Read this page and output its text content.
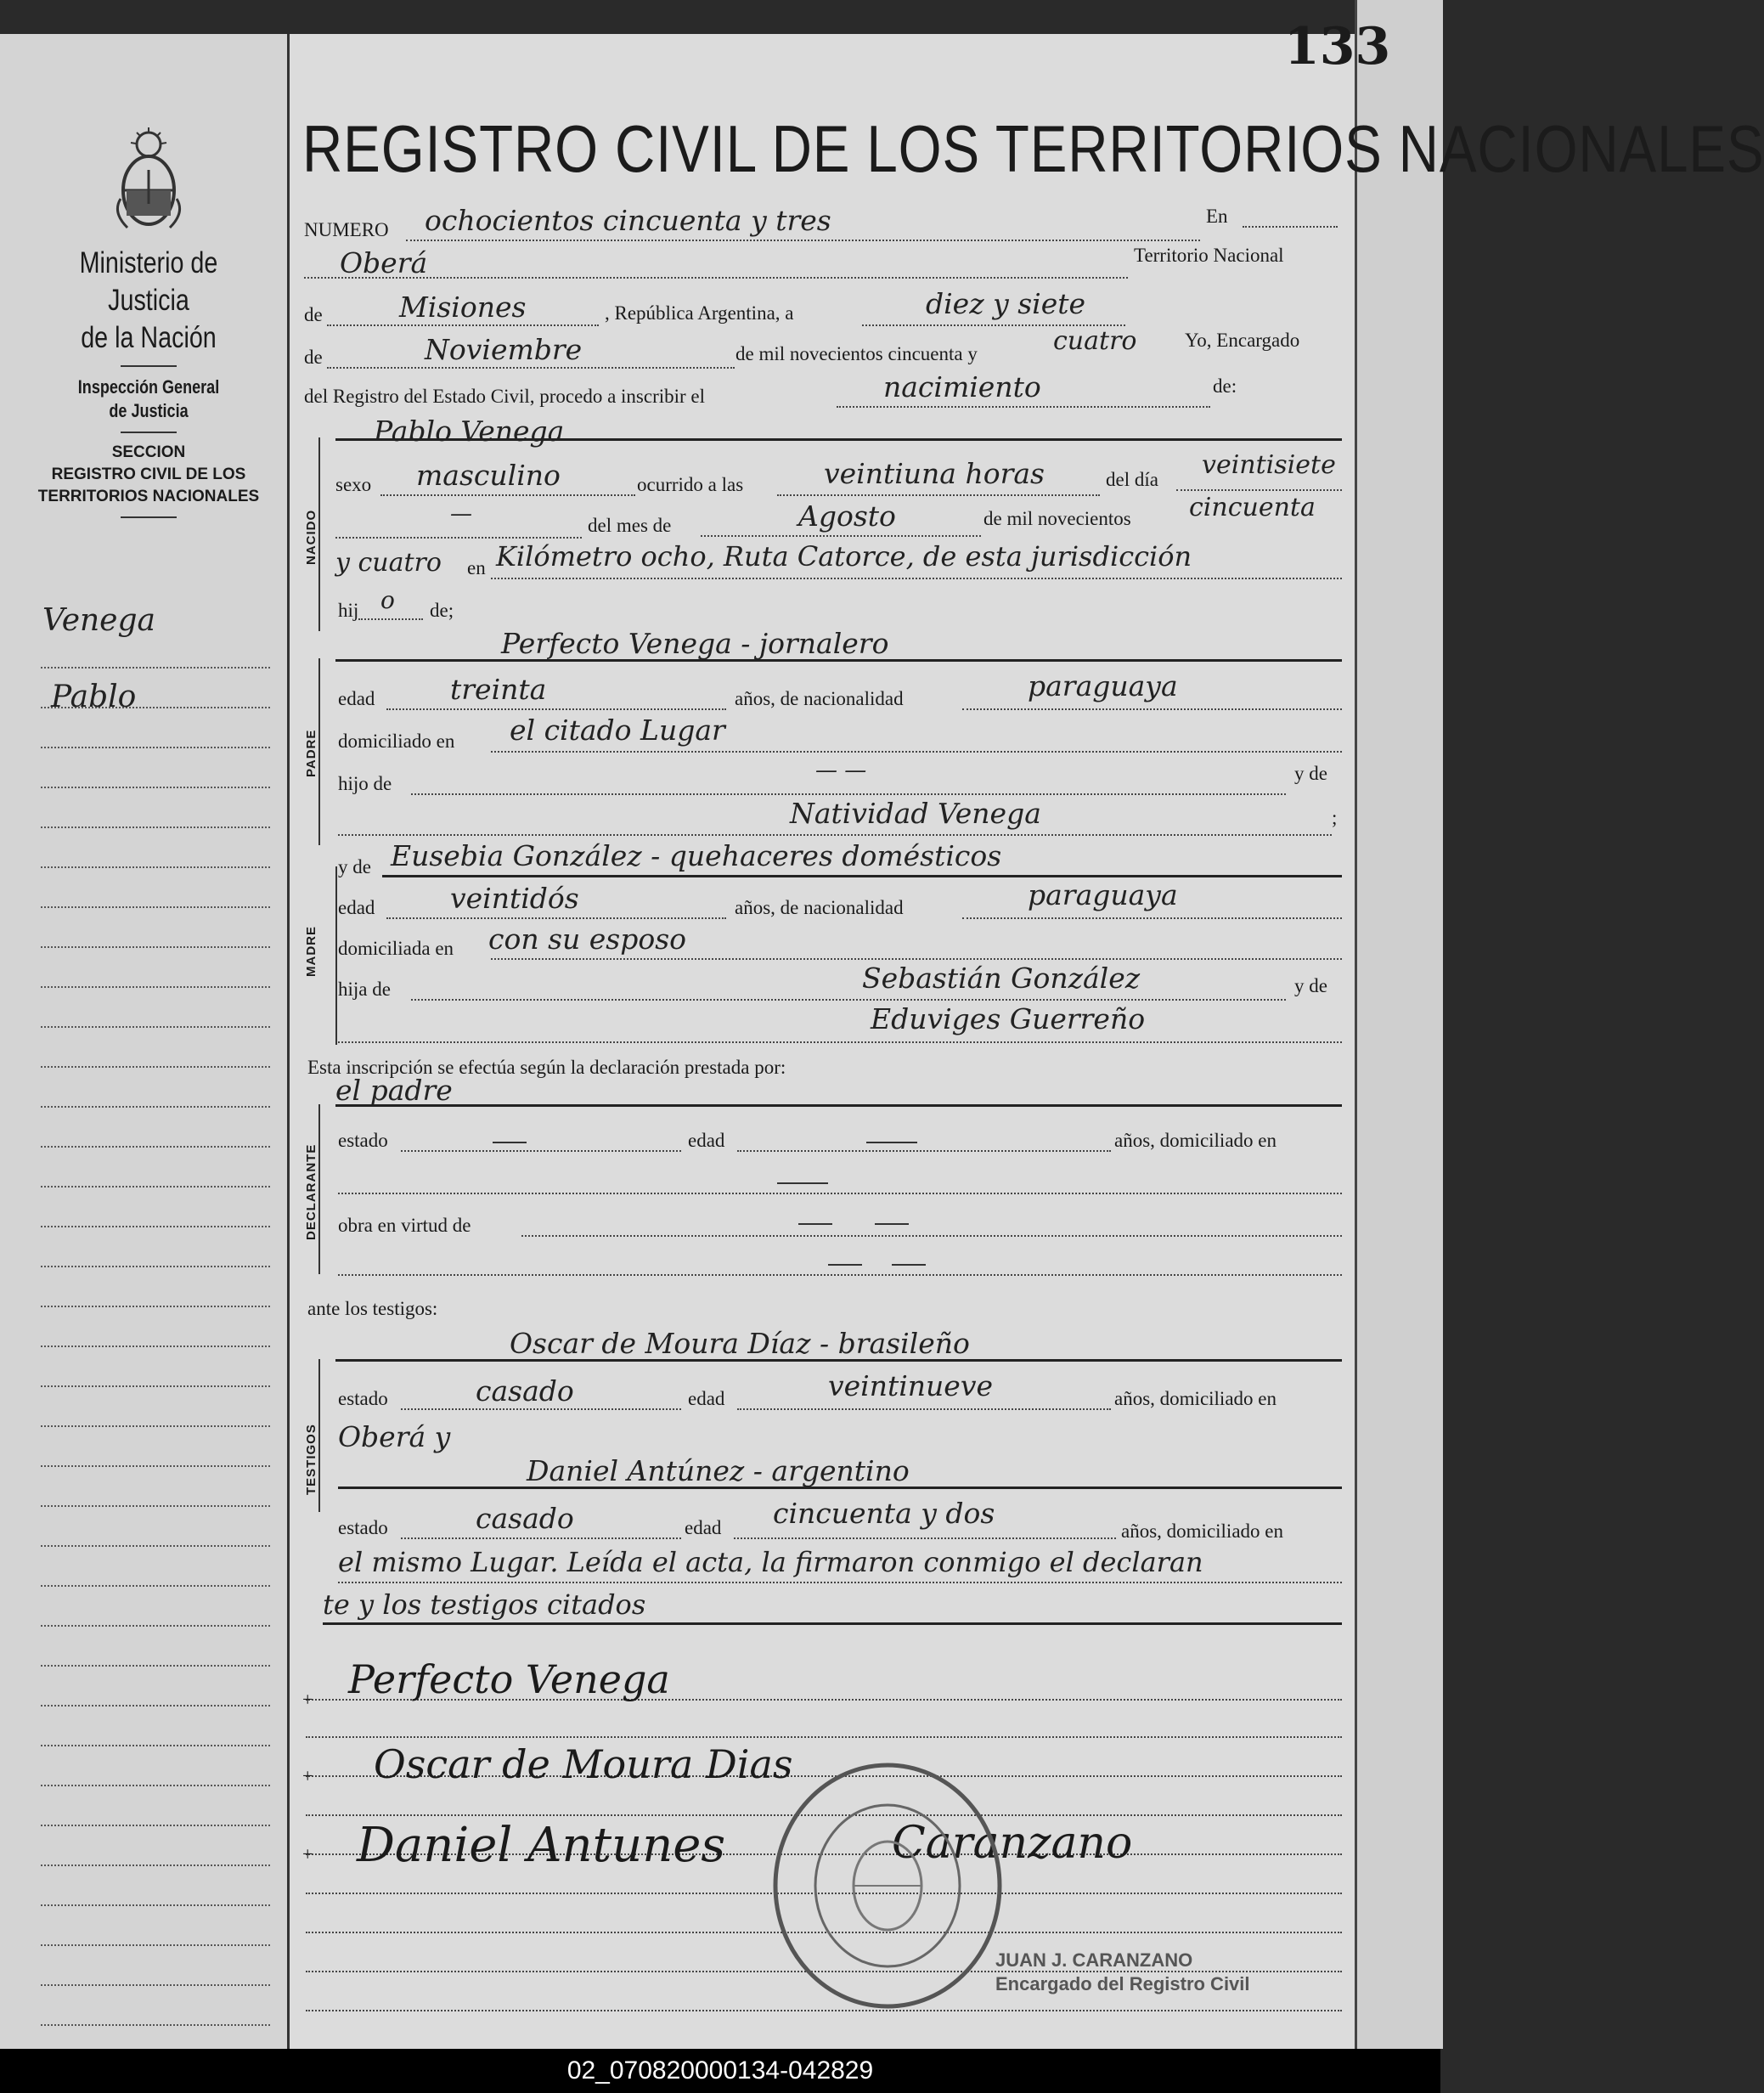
133
Ministerio de Justicia
de la Nación
Inspección General
de Justicia
SECCION
REGISTRO CIVIL DE LOS
TERRITORIOS NACIONALES
Venega
Pablo
REGISTRO CIVIL DE LOS TERRITORIOS NACIONALES
NUMERO ochocientos cincuenta y tres	En
Oberá	Territorio Nacional
de	Misiones	, República Argentina, a	diez y siete
de	Noviembre	de mil novecientos cincuenta y	cuatro Yo, Encargado
del Registro del Estado Civil, procedo a inscribir el	nacimiento	de:
NACIDO
Pablo Venega
sexo masculino	ocurrido a las	veintiuna horas	del día veintisiete
—	del mes de	Agosto	de mil novecientos cincuenta
y cuatro en Kilómetro ocho, Ruta Catorce, de esta jurisdicción
hij o de;
PADRE
Perfecto Venega - jornalero
edad	treinta	años, de nacionalidad	paraguaya
domiciliado en el citado Lugar
hijo de
— —	y de
Natividad Venega	;
MADRE
y de Eusebia González - quehaceres domésticos
edad	veintidós	años, de nacionalidad	paraguaya
domiciliada en con su esposo
hija de	Sebastián González	y de
Eduviges Guerreño
Esta inscripción se efectúa según la declaración prestada por:
DECLARANTE
el padre
estado	edad	años, domiciliado en
obra en virtud de
ante los testigos:
TESTIGOS
Oscar de Moura Díaz - brasileño
estado	casado	edad	veintinueve	años, domiciliado en
Oberá y
Daniel Antúnez - argentino
estado	casado	edad cincuenta y dos
años, domiciliado en
el mismo Lugar. Leída el acta, la firmaron conmigo el declaran
te y los testigos citados
+
+
+
Perfecto Venega
Oscar de Moura Dias
Daniel Antunes	Caranzano
JUAN J. CARANZANO
Encargado del Registro Civil
02_070820000134-042829
